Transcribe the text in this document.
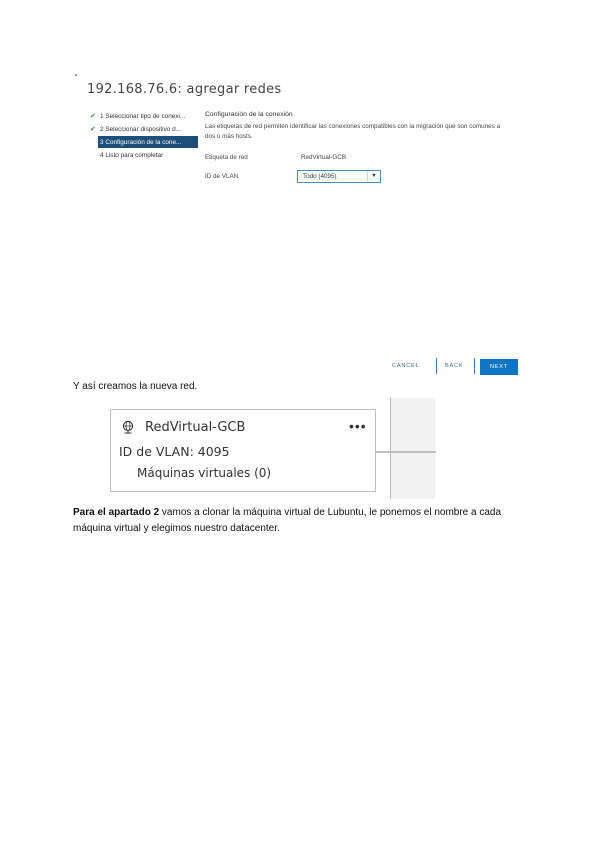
192.168.76.6: agregar redes
✔ 1 Seleccionar tipo de conexi...
✔ 2 Seleccionar dispositivo d...
3 Configuración de la cone...
4 Listo para completar
Configuración de la conexión
Las etiquetas de red permiten identificar las conexiones compatibles con la migración que son comunes a dos o más hosts.
Etiqueta de red	RedVirtual-GCB
ID de VLAN	Todo (4095)	▼
CANCEL	BACK	NEXT
Y así creamos la nueva red.
RedVirtual-GCB	•••
ID de VLAN: 4095
Máquinas virtuales (0)
Para el apartado 2 vamos a clonar la máquina virtual de Lubuntu, le ponemos el nombre a cada máquina virtual y elegimos nuestro datacenter.
